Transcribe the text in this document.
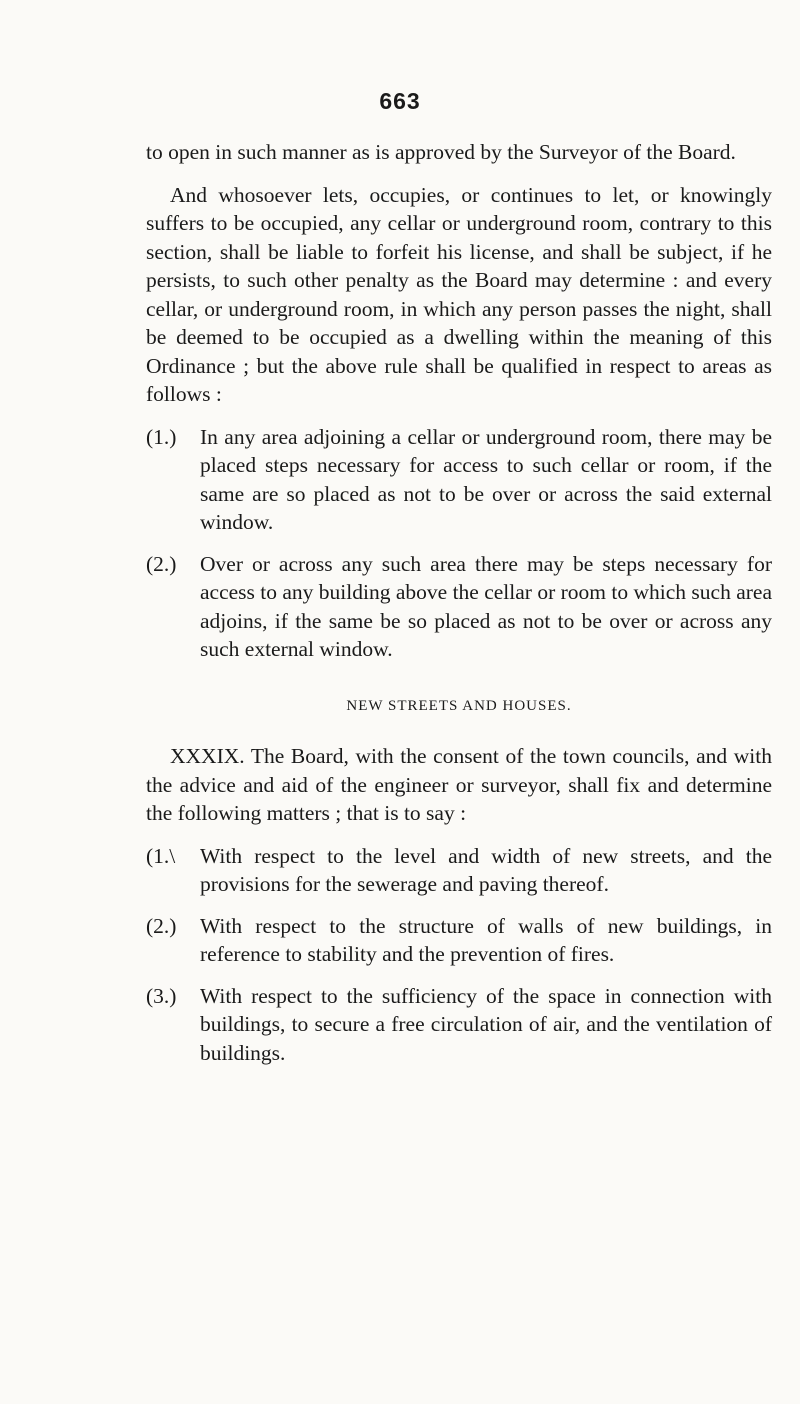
663

to open in such manner as is approved by the Surveyor of the Board.

And whosoever lets, occupies, or continues to let, or knowingly suffers to be occupied, any cellar or underground room, contrary to this section, shall be liable to forfeit his license, and shall be subject, if he persists, to such other penalty as the Board may determine : and every cellar, or underground room, in which any person passes the night, shall be deemed to be occupied as a dwelling within the meaning of this Ordinance ; but the above rule shall be qualified in respect to areas as follows :

(1.)	In any area adjoining a cellar or underground room, there may be placed steps necessary for access to such cellar or room, if the same are so placed as not to be over or across the said external window.
(2.)	Over or across any such area there may be steps necessary for access to any building above the cellar or room to which such area adjoins, if the same be so placed as not to be over or across any such external window.

NEW STREETS AND HOUSES.

XXXIX. The Board, with the consent of the town councils, and with the advice and aid of the engineer or surveyor, shall fix and determine the following matters ; that is to say :

(1.\	With respect to the level and width of new streets, and the provisions for the sewerage and paving thereof.
(2.)	With respect to the structure of walls of new buildings, in reference to stability and the prevention of fires.
(3.)	With respect to the sufficiency of the space in connection with buildings, to secure a free circulation of air, and the ventilation of buildings.
